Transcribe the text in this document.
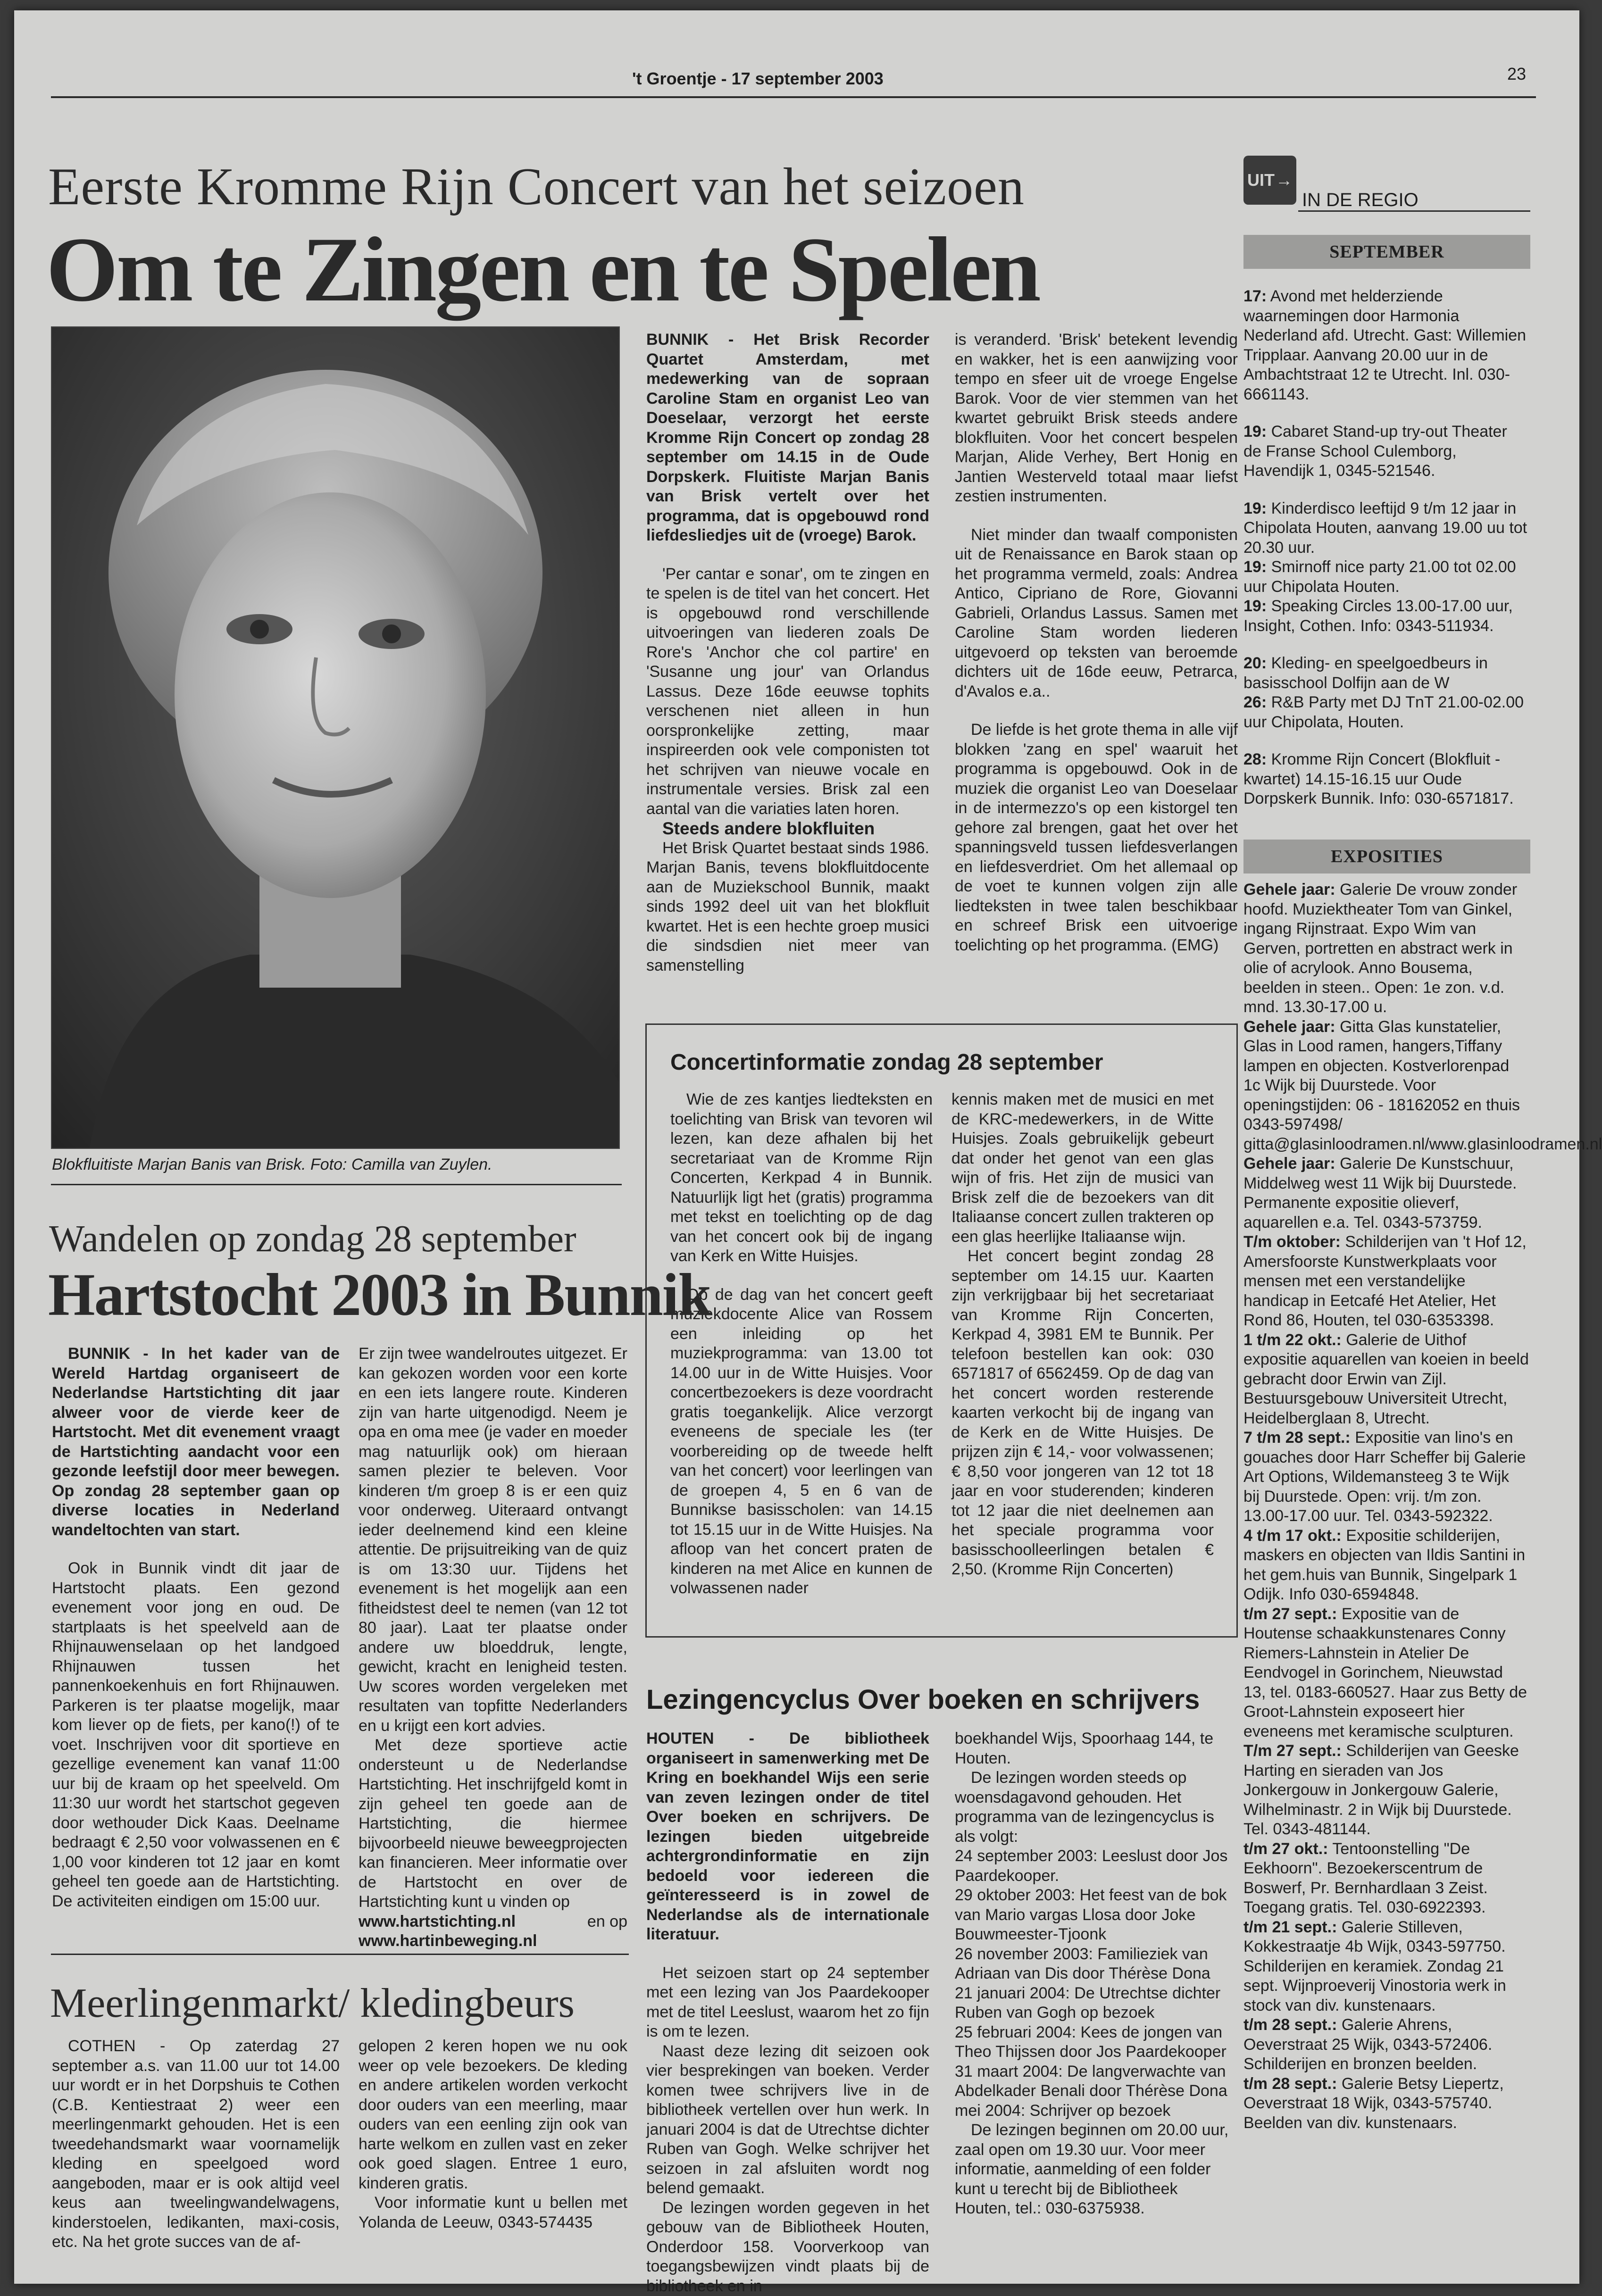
't Groentje - 17 september 2003	23
Eerste Kromme Rijn Concert van het seizoen
Om te Zingen en te Spelen
Blokfluitiste Marjan Banis van Brisk. Foto: Camilla van Zuylen.

BUNNIK - Het Brisk Recorder Quartet Amsterdam, met medewerking van de sopraan Caroline Stam en organist Leo van Doeselaar, verzorgt het eerste Kromme Rijn Concert op zondag 28 september om 14.15 in de Oude Dorpskerk. Fluitiste Marjan Banis van Brisk vertelt over het programma, dat is opgebouwd rond liefdesliedjes uit de (vroege) Barok.

'Per cantar e sonar', om te zingen en te spelen is de titel van het concert. Het is opgebouwd rond verschillende uitvoeringen van liederen zoals De Rore's 'Anchor che col partire' en 'Susanne ung jour' van Orlandus Lassus. Deze 16de eeuwse tophits verschenen niet alleen in hun oorspronkelijke zetting, maar inspireerden ook vele componisten tot het schrijven van nieuwe vocale en instrumentale versies. Brisk zal een aantal van die variaties laten horen.

Steeds andere blokfluiten

Het Brisk Quartet bestaat sinds 1986. Marjan Banis, tevens blokfluitdocente aan de Muziekschool Bunnik, maakt sinds 1992 deel uit van het blokfluit kwartet. Het is een hechte groep musici die sindsdien niet meer van samenstelling

is veranderd. 'Brisk' betekent levendig en wakker, het is een aanwijzing voor tempo en sfeer uit de vroege Engelse Barok. Voor de vier stemmen van het kwartet gebruikt Brisk steeds andere blokfluiten. Voor het concert bespelen Marjan, Alide Verhey, Bert Honig en Jantien Westerveld totaal maar liefst zestien instrumenten.

Niet minder dan twaalf componisten uit de Renaissance en Barok staan op het programma vermeld, zoals: Andrea Antico, Cipriano de Rore, Giovanni Gabrieli, Orlandus Lassus. Samen met Caroline Stam worden liederen uitgevoerd op teksten van beroemde dichters uit de 16de eeuw, Petrarca, d'Avalos e.a..

De liefde is het grote thema in alle vijf blokken 'zang en spel' waaruit het programma is opgebouwd. Ook in de muziek die organist Leo van Doeselaar in de intermezzo's op een kistorgel ten gehore zal brengen, gaat het over het spanningsveld tussen liefdesverlangen en liefdesverdriet. Om het allemaal op de voet te kunnen volgen zijn alle liedteksten in twee talen beschikbaar en schreef Brisk een uitvoerige toelichting op het programma. (EMG)

Concertinformatie zondag 28 september

Wie de zes kantjes liedteksten en toelichting van Brisk van tevoren wil lezen, kan deze afhalen bij het secretariaat van de Kromme Rijn Concerten, Kerkpad 4 in Bunnik. Natuurlijk ligt het (gratis) programma met tekst en toelichting op de dag van het concert ook bij de ingang van Kerk en Witte Huisjes.

Op de dag van het concert geeft muziekdocente Alice van Rossem een inleiding op het muziekprogramma: van 13.00 tot 14.00 uur in de Witte Huisjes. Voor concertbezoekers is deze voordracht gratis toegankelijk. Alice verzorgt eveneens de speciale les (ter voorbereiding op de tweede helft van het concert) voor leerlingen van de groepen 4, 5 en 6 van de Bunnikse basisscholen: van 14.15 tot 15.15 uur in de Witte Huisjes. Na afloop van het concert praten de kinderen na met Alice en kunnen de volwassenen nader

kennis maken met de musici en met de KRC-medewerkers, in de Witte Huisjes. Zoals gebruikelijk gebeurt dat onder het genot van een glas wijn of fris. Het zijn de musici van Brisk zelf die de bezoekers van dit Italiaanse concert zullen trakteren op een glas heerlijke Italiaanse wijn.

Het concert begint zondag 28 september om 14.15 uur. Kaarten zijn verkrijgbaar bij het secretariaat van Kromme Rijn Concerten, Kerkpad 4, 3981 EM te Bunnik. Per telefoon bestellen kan ook: 030 6571817 of 6562459. Op de dag van het concert worden resterende kaarten verkocht bij de ingang van de Kerk en de Witte Huisjes. De prijzen zijn € 14,- voor volwassenen; € 8,50 voor jongeren van 12 tot 18 jaar en voor studerenden; kinderen tot 12 jaar die niet deelnemen aan het speciale programma voor basisschoolleerlingen betalen € 2,50. (Kromme Rijn Concerten)

Wandelen op zondag 28 september
Hartstocht 2003 in Bunnik

BUNNIK - In het kader van de Wereld Hartdag organiseert de Nederlandse Hartstichting dit jaar alweer voor de vierde keer de Hartstocht. Met dit evenement vraagt de Hartstichting aandacht voor een gezonde leefstijl door meer bewegen. Op zondag 28 september gaan op diverse locaties in Nederland wandeltochten van start.

Ook in Bunnik vindt dit jaar de Hartstocht plaats. Een gezond evenement voor jong en oud. De startplaats is het speelveld aan de Rhijnauwenselaan op het landgoed Rhijnauwen tussen het pannenkoekenhuis en fort Rhijnauwen. Parkeren is ter plaatse mogelijk, maar kom liever op de fiets, per kano(!) of te voet. Inschrijven voor dit sportieve en gezellige evenement kan vanaf 11:00 uur bij de kraam op het speelveld. Om 11:30 uur wordt het startschot gegeven door wethouder Dick Kaas. Deelname bedraagt € 2,50 voor volwassenen en € 1,00 voor kinderen tot 12 jaar en komt geheel ten goede aan de Hartstichting. De activiteiten eindigen om 15:00 uur.

Er zijn twee wandelroutes uitgezet. Er kan gekozen worden voor een korte en een iets langere route. Kinderen zijn van harte uitgenodigd. Neem je opa en oma mee (je vader en moeder mag natuurlijk ook) om hieraan samen plezier te beleven. Voor kinderen t/m groep 8 is er een quiz voor onderweg. Uiteraard ontvangt ieder deelnemend kind een kleine attentie. De prijsuitreiking van de quiz is om 13:30 uur. Tijdens het evenement is het mogelijk aan een fitheidstest deel te nemen (van 12 tot 80 jaar). Laat ter plaatse onder andere uw bloeddruk, lengte, gewicht, kracht en lenigheid testen. Uw scores worden vergeleken met resultaten van topfitte Nederlanders en u krijgt een kort advies.

Met deze sportieve actie ondersteunt u de Nederlandse Hartstichting. Het inschrijfgeld komt in zijn geheel ten goede aan de Hartstichting, die hiermee bijvoorbeeld nieuwe beweegprojecten kan financieren. Meer informatie over de Hartstocht en over de Hartstichting kunt u vinden op

www.hartstichting.nl	en op

www.hartinbeweging.nl

Meerlingenmarkt/ kledingbeurs

COTHEN - Op zaterdag 27 september a.s. van 11.00 uur tot 14.00 uur wordt er in het Dorpshuis te Cothen (C.B. Kentiestraat 2) weer een meerlingenmarkt gehouden. Het is een tweedehandsmarkt waar voornamelijk kleding en speelgoed word aangeboden, maar er is ook altijd veel keus aan tweelingwandelwagens, kinderstoelen, ledikanten, maxi-cosis, etc. Na het grote succes van de af-

gelopen 2 keren hopen we nu ook weer op vele bezoekers. De kleding en andere artikelen worden verkocht door ouders van een meerling, maar ouders van een eenling zijn ook van harte welkom en zullen vast en zeker ook goed slagen. Entree 1 euro, kinderen gratis.

Voor informatie kunt u bellen met Yolanda de Leeuw, 0343-574435

Lezingencyclus Over boeken en schrijvers

HOUTEN - De bibliotheek organiseert in samenwerking met De Kring en boekhandel Wijs een serie van zeven lezingen onder de titel Over boeken en schrijvers. De lezingen bieden uitgebreide achtergrondinformatie en zijn bedoeld voor iedereen die geïnteresseerd is in zowel de Nederlandse als de internationale literatuur.

Het seizoen start op 24 september met een lezing van Jos Paardekooper met de titel Leeslust, waarom het zo fijn is om te lezen.

Naast deze lezing dit seizoen ook vier besprekingen van boeken. Verder komen twee schrijvers live in de bibliotheek vertellen over hun werk. In januari 2004 is dat de Utrechtse dichter Ruben van Gogh. Welke schrijver het seizoen in zal afsluiten wordt nog belend gemaakt.

De lezingen worden gegeven in het gebouw van de Bibliotheek Houten, Onderdoor 158. Voorverkoop van toegangsbewijzen vindt plaats bij de bibliotheek en in

boekhandel Wijs, Spoorhaag 144, te Houten.

De lezingen worden steeds op woensdagavond gehouden. Het programma van de lezingencyclus is als volgt:

24 september 2003: Leeslust door Jos Paardekooper.

29 oktober 2003: Het feest van de bok van Mario vargas Llosa door Joke Bouwmeester-Tjoonk

26 november 2003: Familieziek van Adriaan van Dis door Thérèse Dona

21 januari 2004: De Utrechtse dichter Ruben van Gogh op bezoek

25 februari 2004: Kees de jongen van Theo Thijssen door Jos Paardekooper

31 maart 2004: De langverwachte van Abdelkader Benali door Thérèse Dona

mei 2004: Schrijver op bezoek

De lezingen beginnen om 20.00 uur, zaal open om 19.30 uur. Voor meer informatie, aanmelding of een folder kunt u terecht bij de Bibliotheek Houten, tel.: 030-6375938.

UIT →
IN DE REGIO
SEPTEMBER

17: Avond met helderziende waarnemingen door Harmonia Nederland afd. Utrecht. Gast: Willemien Tripplaar. Aanvang 20.00 uur in de Ambachtstraat 12 te Utrecht. Inl. 030-6661143.

19: Cabaret Stand-up try-out Theater de Franse School Culemborg, Havendijk 1, 0345-521546.

19: Kinderdisco leeftijd 9 t/m 12 jaar in Chipolata Houten, aanvang 19.00 uu tot 20.30 uur.

19: Smirnoff nice party 21.00 tot 02.00 uur Chipolata Houten.

19: Speaking Circles 13.00-17.00 uur, Insight, Cothen. Info: 0343-511934.

20: Kleding- en speelgoedbeurs in basisschool Dolfijn aan de W

26: R&B Party met DJ TnT 21.00-02.00 uur Chipolata, Houten.

28: Kromme Rijn Concert (Blokfluit - kwartet) 14.15-16.15 uur Oude Dorpskerk Bunnik. Info: 030-6571817.

EXPOSITIES

Gehele jaar: Galerie De vrouw zonder hoofd. Muziektheater Tom van Ginkel, ingang Rijnstraat. Expo Wim van Gerven, portretten en abstract werk in olie of acrylook. Anno Bousema, beelden in steen.. Open: 1e zon. v.d. mnd. 13.30-17.00 u.

Gehele jaar: Gitta Glas kunstatelier, Glas in Lood ramen, hangers,Tiffany lampen en objecten. Kostverlorenpad 1c Wijk bij Duurstede. Voor openingstijden: 06 - 18162052 en thuis 0343-597498/ gitta@glasinloodramen.nl/www.glasinloodramen.nl

Gehele jaar: Galerie De Kunstschuur, Middelweg west 11 Wijk bij Duurstede. Permanente expositie olieverf, aquarellen e.a. Tel. 0343-573759.

T/m oktober: Schilderijen van 't Hof 12, Amersfoorste Kunstwerkplaats voor mensen met een verstandelijke handicap in Eetcafé Het Atelier, Het Rond 86, Houten, tel 030-6353398.

1 t/m 22 okt.: Galerie de Uithof expositie aquarellen van koeien in beeld gebracht door Erwin van Zijl. Bestuursgebouw Universiteit Utrecht, Heidelberglaan 8, Utrecht.

7 t/m 28 sept.: Expositie van lino's en gouaches door Harr Scheffer bij Galerie Art Options, Wildemansteeg 3 te Wijk bij Duurstede. Open: vrij. t/m zon. 13.00-17.00 uur. Tel. 0343-592322.

4 t/m 17 okt.: Expositie schilderijen, maskers en objecten van Ildis Santini in het gem.huis van Bunnik, Singelpark 1 Odijk. Info 030-6594848.

t/m 27 sept.: Expositie van de Houtense schaakkunstenares Conny Riemers-Lahnstein in Atelier De Eendvogel in Gorinchem, Nieuwstad 13, tel. 0183-660527. Haar zus Betty de Groot-Lahnstein exposeert hier eveneens met keramische sculpturen.

T/m 27 sept.: Schilderijen van Geeske Harting en sieraden van Jos Jonkergouw in Jonkergouw Galerie, Wilhelminastr. 2 in Wijk bij Duurstede. Tel. 0343-481144.

t/m 27 okt.: Tentoonstelling "De Eekhoorn". Bezoekerscentrum de Boswerf, Pr. Bernhardlaan 3 Zeist. Toegang gratis. Tel. 030-6922393.

t/m 21 sept.: Galerie Stilleven, Kokkestraatje 4b Wijk, 0343-597750. Schilderijen en keramiek. Zondag 21 sept. Wijnproeverij Vinostoria werk in stock van div. kunstenaars.

t/m 28 sept.: Galerie Ahrens, Oeverstraat 25 Wijk, 0343-572406. Schilderijen en bronzen beelden.

t/m 28 sept.: Galerie Betsy Liepertz, Oeverstraat 18 Wijk, 0343-575740. Beelden van div. kunstenaars.
